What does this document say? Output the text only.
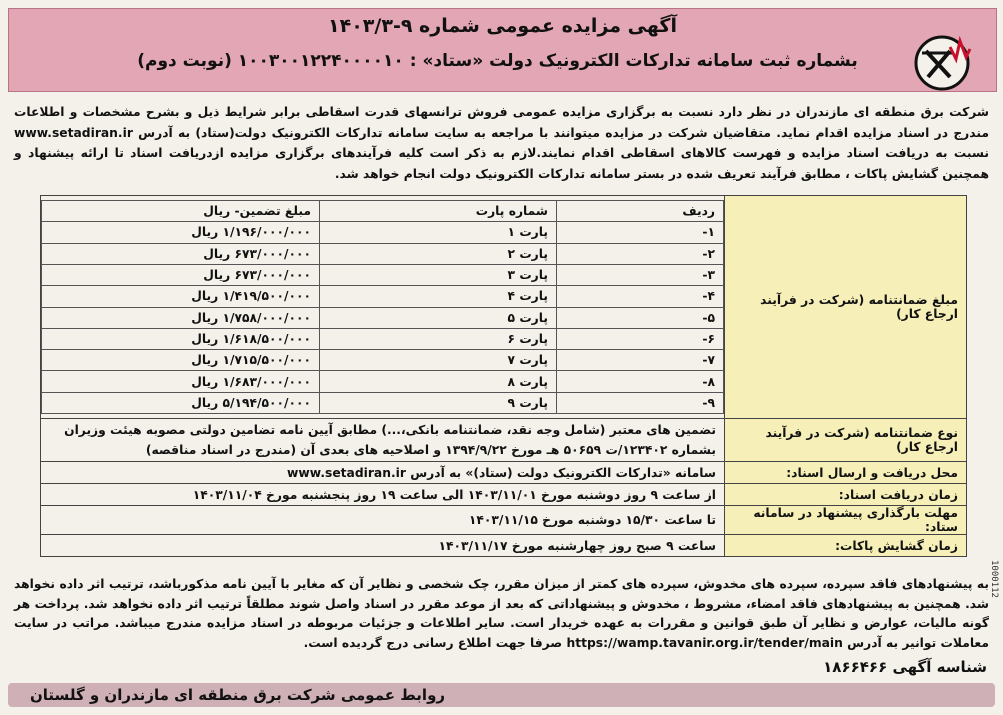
آگهی مزایده عمومی شماره ۹-۱۴۰۳/۳
بشماره ثبت سامانه تدارکات الکترونیک دولت «ستاد» : ۱۰۰۳۰۰۱۲۲۴۰۰۰۰۱۰ (نوبت دوم)
شرکت برق منطقه ای مازندران در نظر دارد نسبت به برگزاری مزایده عمومی فروش ترانسهای قدرت اسقاطی برابر شرایط ذیل و بشرح مشخصات و اطلاعات مندرج در اسناد مزایده اقدام نماید. متقاضیان شرکت در مزایده میتوانند با مراجعه به سایت سامانه تدارکات الکترونیک دولت(ستاد) به آدرس www.setadiran.ir نسبت به دریافت اسناد مزایده و فهرست کالاهای اسقاطی اقدام نمایند.لازم به ذکر است کلیه فرآیندهای برگزاری مزایده ازدریافت اسناد تا ارائه پیشنهاد و همچنین گشایش پاکات ، مطابق فرآیند تعریف شده در بستر سامانه تدارکات الکترونیک دولت انجام خواهد شد.
مبلغ ضمانتنامه (شرکت در فرآیند ارجاع کار)	
ردیف	شماره پارت	مبلغ تضمین- ریال
۱-	پارت ۱	۱/۱۹۶/۰۰۰/۰۰۰ ریال
۲-	پارت ۲	۶۷۳/۰۰۰/۰۰۰ ریال
۳-	پارت ۳	۶۷۳/۰۰۰/۰۰۰ ریال
۴-	پارت ۴	۱/۴۱۹/۵۰۰/۰۰۰ ریال
۵-	پارت ۵	۱/۷۵۸/۰۰۰/۰۰۰ ریال
۶-	پارت ۶	۱/۶۱۸/۵۰۰/۰۰۰ ریال
۷-	پارت ۷	۱/۷۱۵/۵۰۰/۰۰۰ ریال
۸-	پارت ۸	۱/۶۸۳/۰۰۰/۰۰۰ ریال
۹-	پارت ۹	۵/۱۹۴/۵۰۰/۰۰۰ ریال

نوع ضمانتنامه (شرکت در فرآیند ارجاع کار)	تضمین های معتبر (شامل وجه نقد، ضمانتنامه بانکی،...) مطابق آیین نامه تضامین دولتی مصوبه هیئت وزیران بشماره ۱۲۳۴۰۲/ت ۵۰۶۵۹ هـ مورخ ۱۳۹۴/۹/۲۲ و اصلاحیه های بعدی آن (مندرج در اسناد مناقصه)
محل دریافت و ارسال اسناد:	سامانه «تدارکات الکترونیک دولت (ستاد)» به آدرس www.setadiran.ir
زمان دریافت اسناد:	از ساعت ۹ روز دوشنبه مورخ ۱۴۰۳/۱۱/۰۱ الی ساعت ۱۹ روز پنجشنبه مورخ ۱۴۰۳/۱۱/۰۴
مهلت بارگذاری پیشنهاد در سامانه ستاد:	تا ساعت ۱۵/۳۰ دوشنبه مورخ ۱۴۰۳/۱۱/۱۵
زمان گشایش پاکات:	ساعت ۹ صبح روز چهارشنبه مورخ ۱۴۰۳/۱۱/۱۷
به پیشنهادهای فاقد سپرده، سپرده های مخدوش، سپرده های کمتر از میزان مقرر، چک شخصی و نظایر آن که مغایر با آیین نامه مذکورباشد، ترتیب اثر داده نخواهد شد. همچنین به پیشنهادهای فاقد امضاء، مشروط ، مخدوش و پیشنهاداتی که بعد از موعد مقرر در اسناد واصل شوند مطلقاً ترتیب اثر داده نخواهد شد. پرداخت هر گونه مالیات، عوارض و نظایر آن طبق قوانین و مقررات به عهده خریدار است. سایر اطلاعات و جزئیات مربوطه در اسناد مزایده مندرج میباشد. مراتب در سایت معاملات توانیر به آدرس https://wamp.tavanir.org.ir/tender/main صرفا جهت اطلاع رسانی درج گردیده است.
شناسه آگهی ۱۸۶۶۴۶۶
1000112
روابط عمومی شرکت برق منطقه ای مازندران و گلستان
